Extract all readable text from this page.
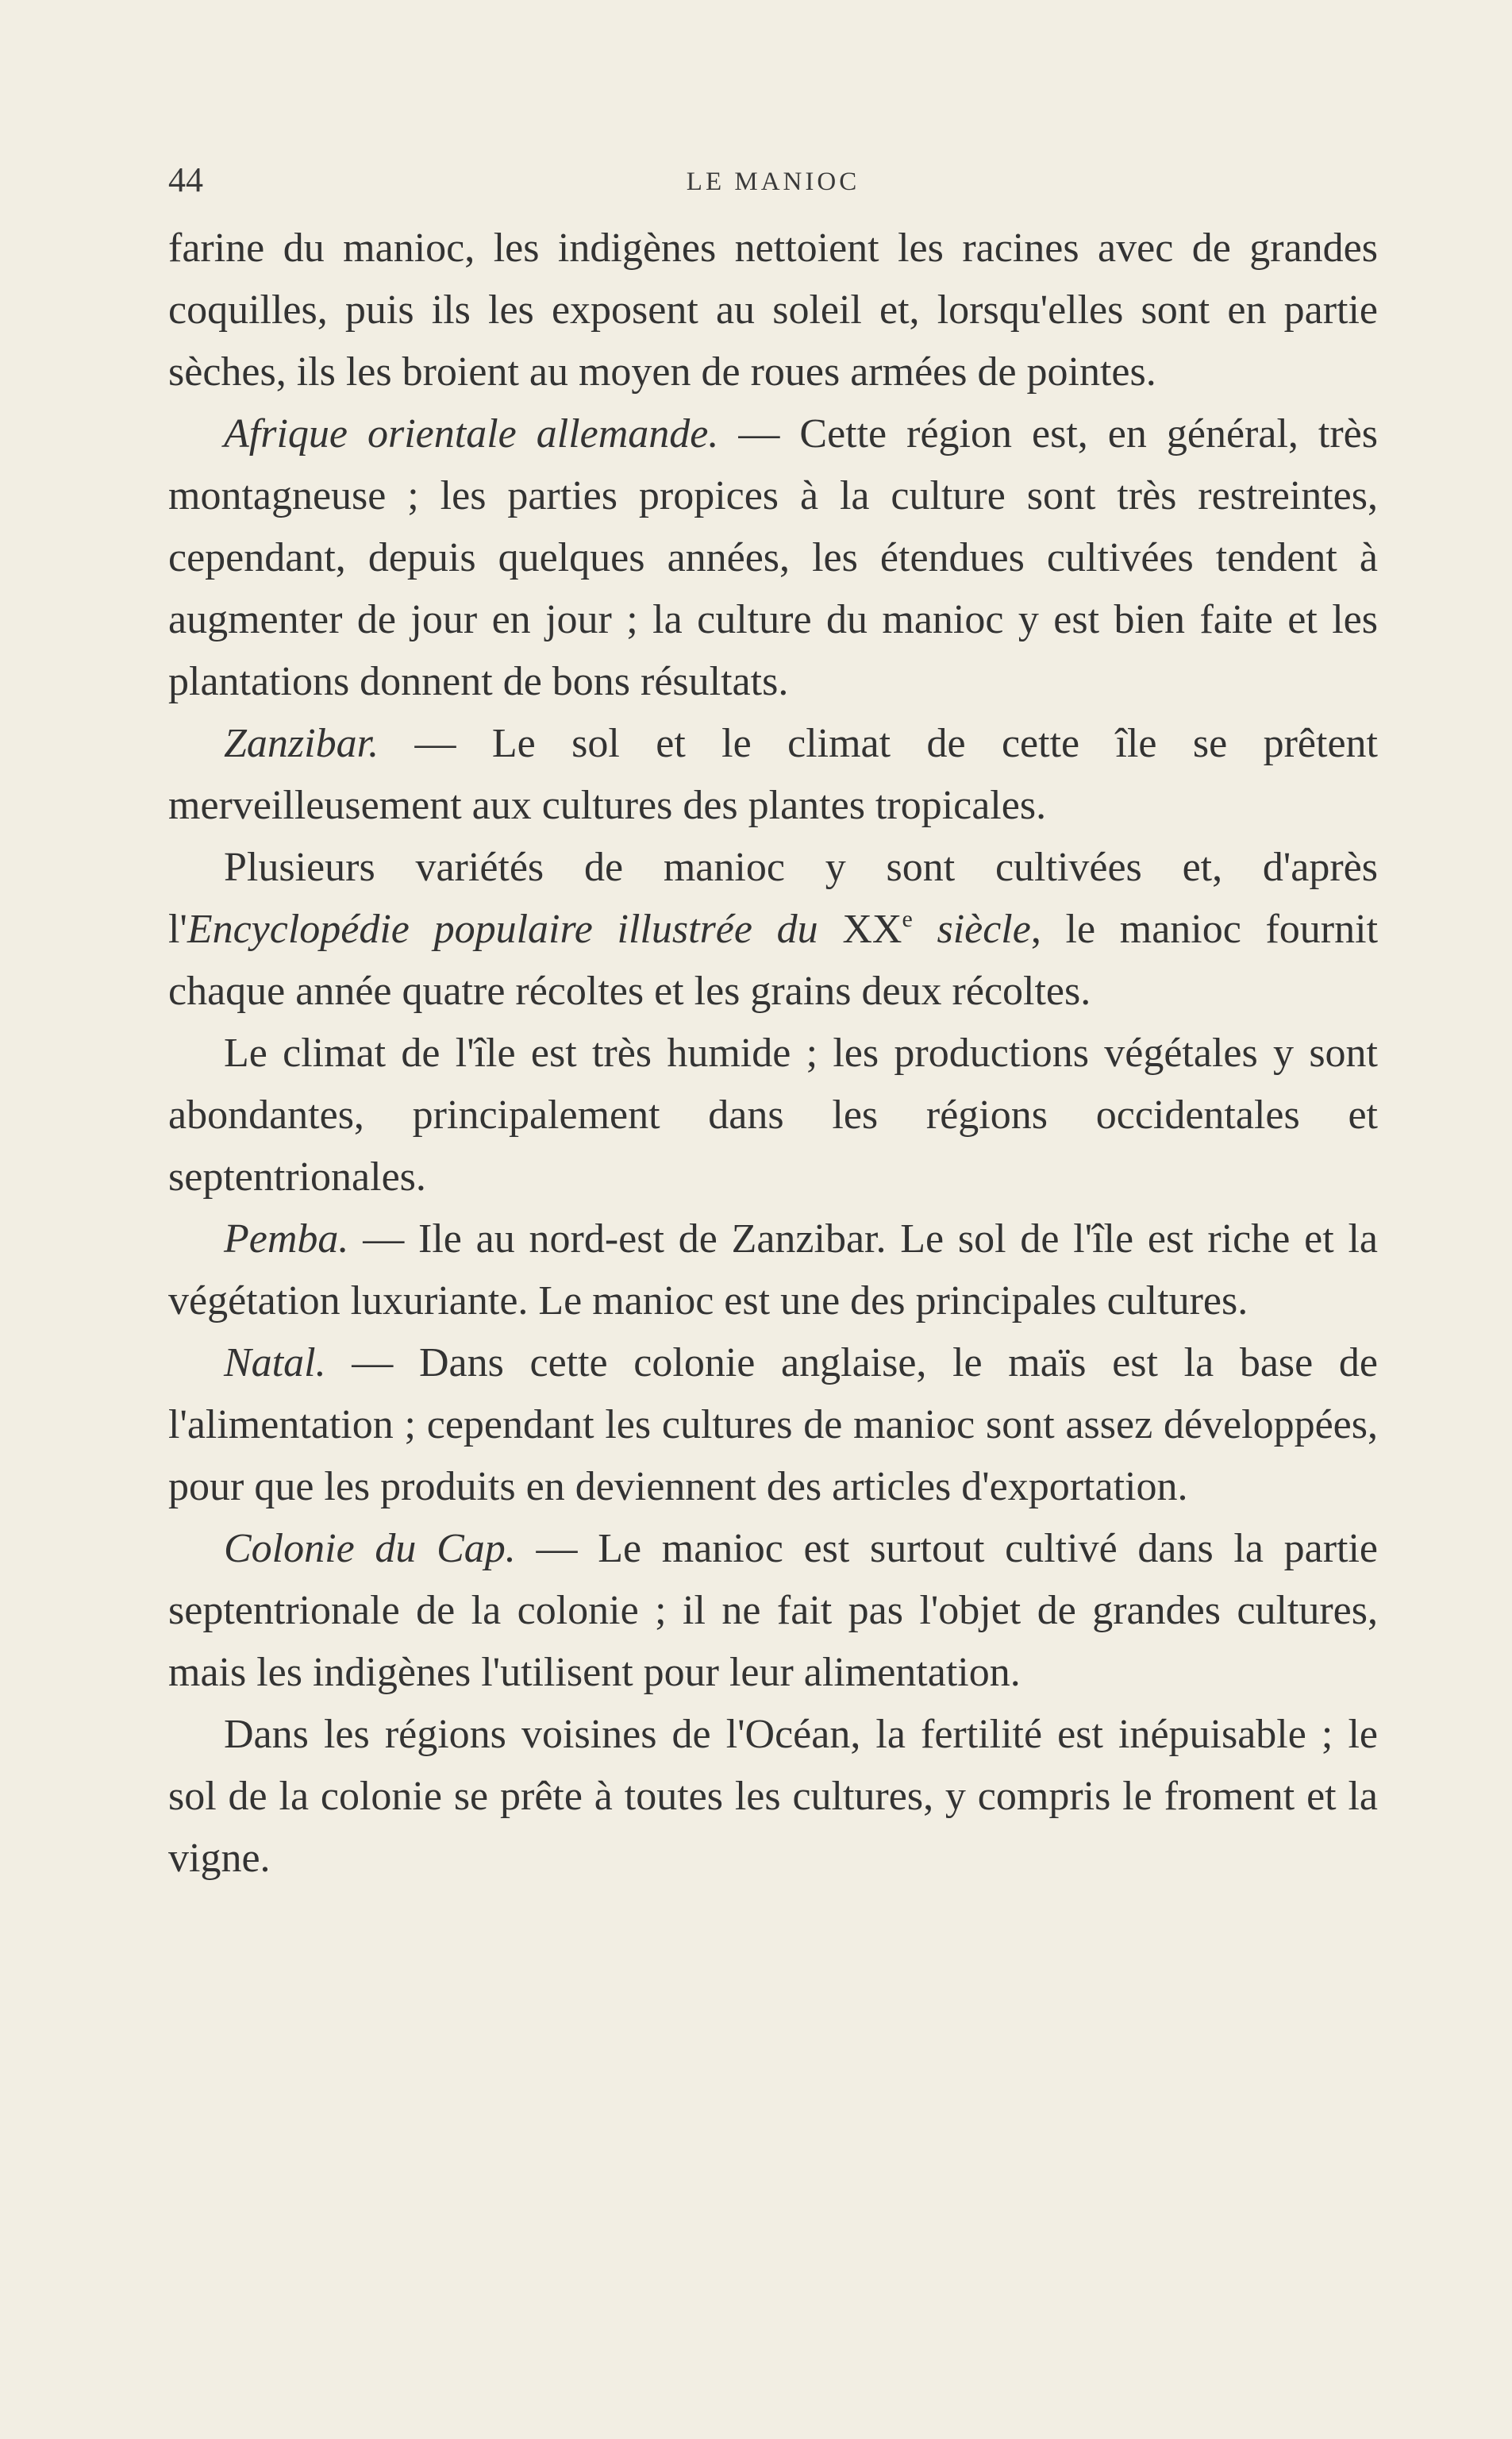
44	LE MANIOC

farine du manioc, les indigènes nettoient les racines avec de grandes coquilles, puis ils les exposent au soleil et, lorsqu'elles sont en partie sèches, ils les broient au moyen de roues armées de pointes.

Afrique orientale allemande. — Cette région est, en général, très montagneuse ; les parties propices à la culture sont très restreintes, cependant, depuis quelques années, les étendues cultivées tendent à augmenter de jour en jour ; la culture du manioc y est bien faite et les plantations donnent de bons résultats.

Zanzibar. — Le sol et le climat de cette île se prêtent merveilleusement aux cultures des plantes tropicales.

Plusieurs variétés de manioc y sont cultivées et, d'après l'Encyclopédie populaire illustrée du XXe siècle, le manioc fournit chaque année quatre récoltes et les grains deux récoltes.

Le climat de l'île est très humide ; les productions végétales y sont abondantes, principalement dans les régions occidentales et septentrionales.

Pemba. — Ile au nord-est de Zanzibar. Le sol de l'île est riche et la végétation luxuriante. Le manioc est une des principales cultures.

Natal. — Dans cette colonie anglaise, le maïs est la base de l'alimentation ; cependant les cultures de manioc sont assez développées, pour que les produits en deviennent des articles d'exportation.

Colonie du Cap. — Le manioc est surtout cultivé dans la partie septentrionale de la colonie ; il ne fait pas l'objet de grandes cultures, mais les indigènes l'utilisent pour leur alimentation.

Dans les régions voisines de l'Océan, la fertilité est inépuisable ; le sol de la colonie se prête à toutes les cultures, y compris le froment et la vigne.
